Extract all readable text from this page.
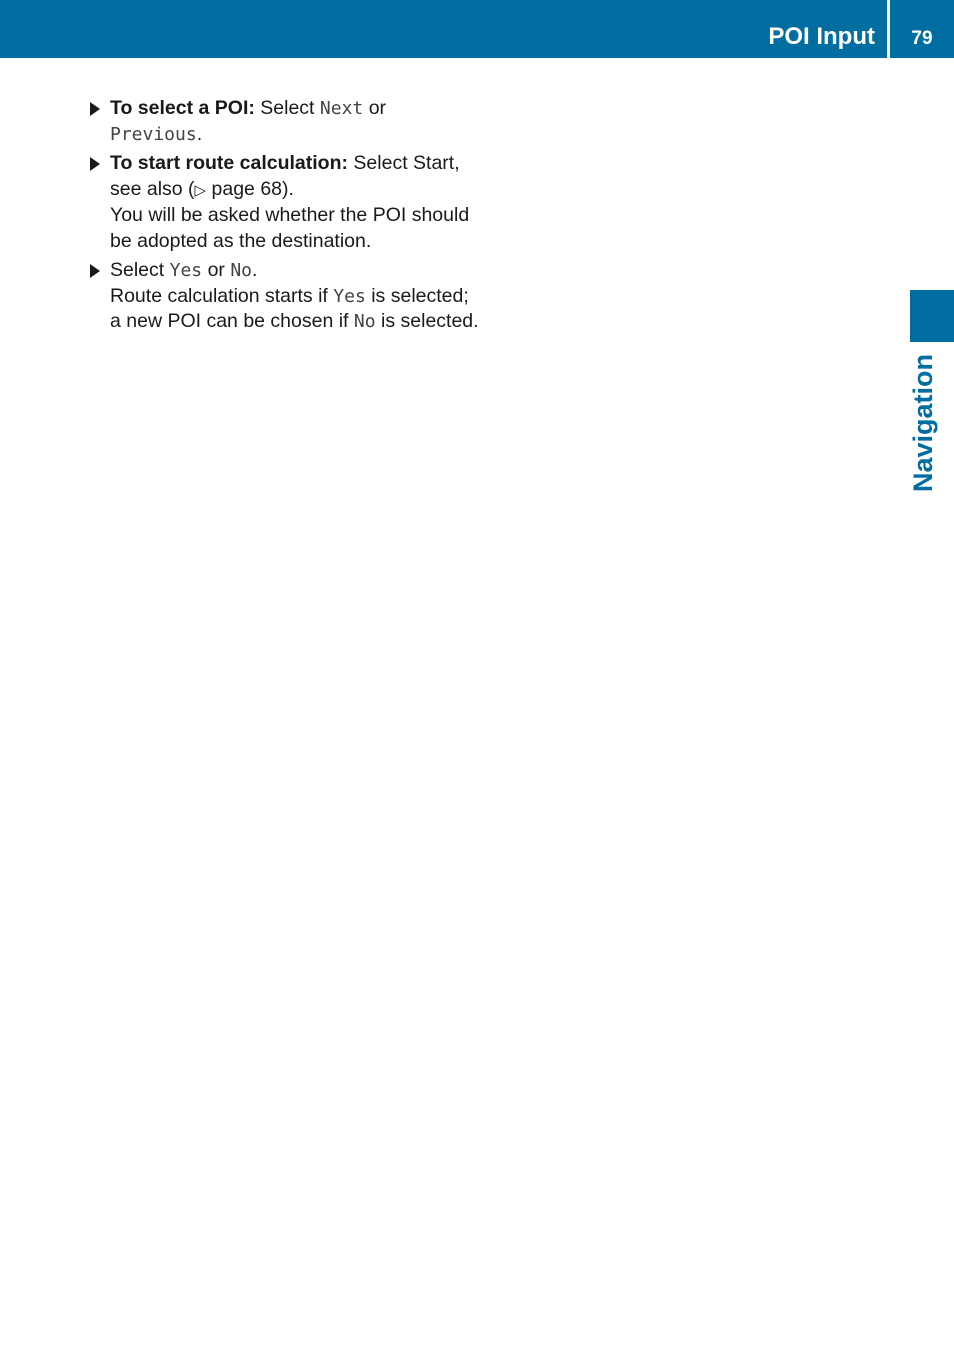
POI Input	79
Navigation
To select a POI: Select Next or
Previous.
To start route calculation: Select Start,
see also (▷ page 68).
You will be asked whether the POI should
be adopted as the destination.
Select Yes or No.
Route calculation starts if Yes is selected;
a new POI can be chosen if No is selected.
